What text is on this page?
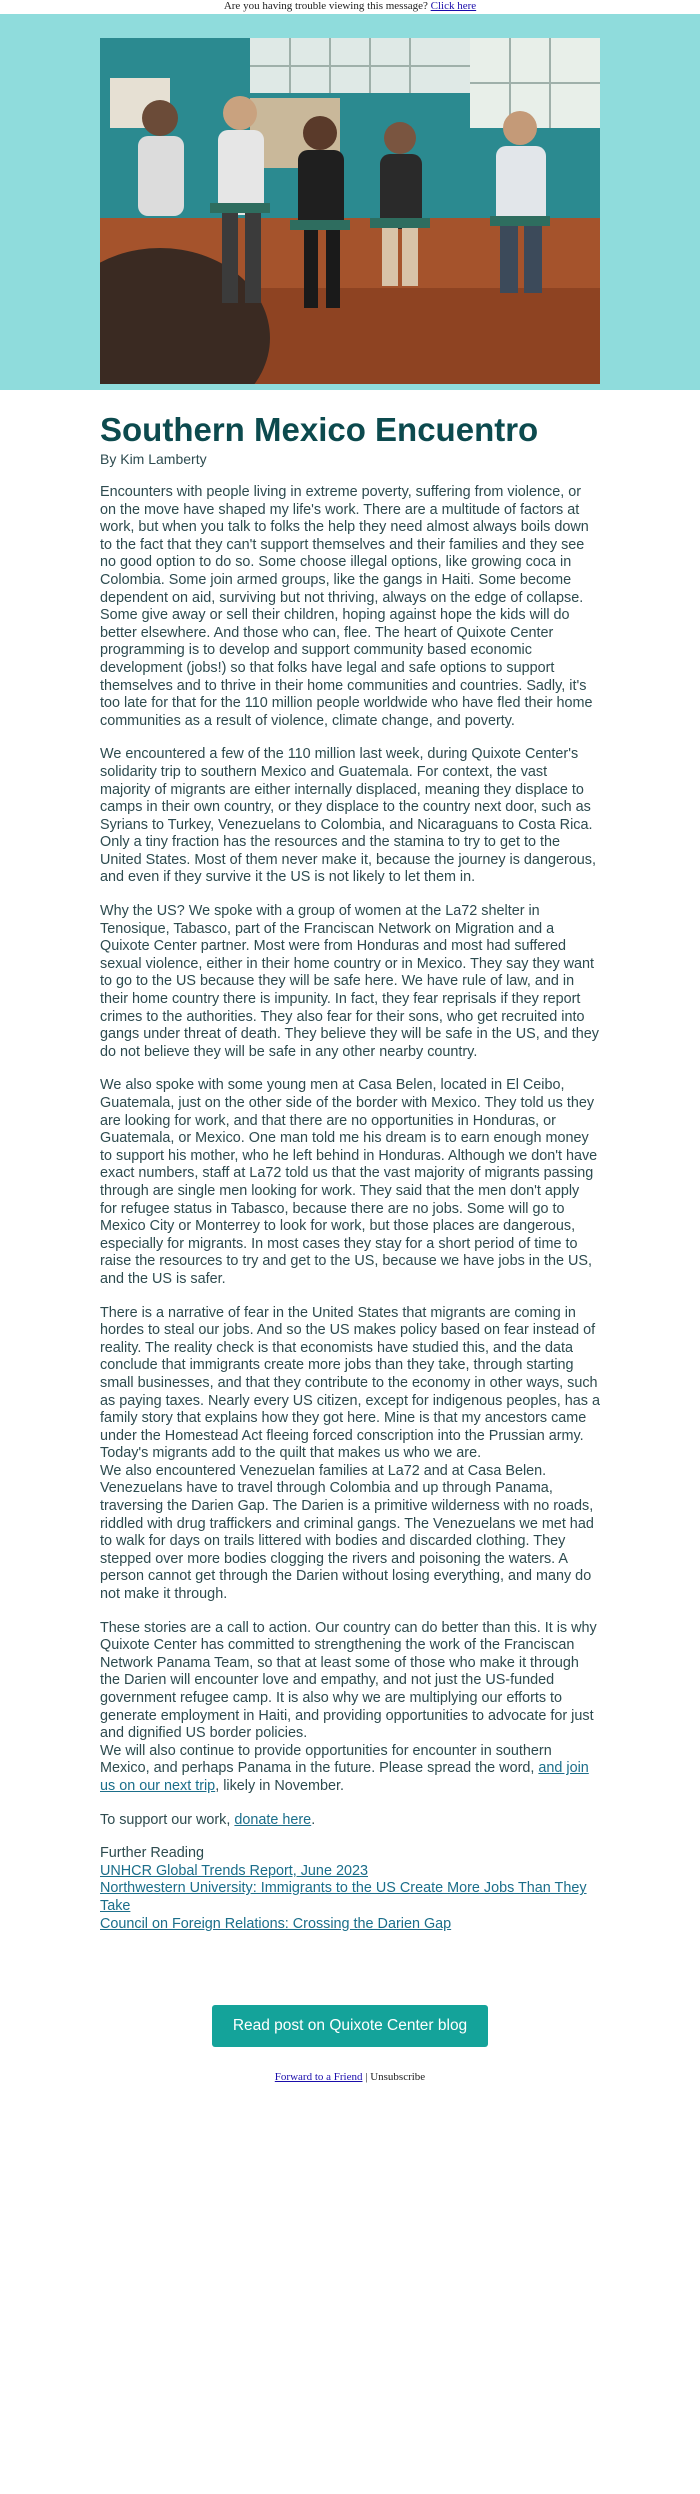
Are you having trouble viewing this message? Click here
Southern Mexico Encuentro
By Kim Lamberty

Encounters with people living in extreme poverty, suffering from violence, or on the move have shaped my life's work. There are a multitude of factors at work, but when you talk to folks the help they need almost always boils down to the fact that they can't support themselves and their families and they see no good option to do so. Some choose illegal options, like growing coca in Colombia. Some join armed groups, like the gangs in Haiti. Some become dependent on aid, surviving but not thriving, always on the edge of collapse. Some give away or sell their children, hoping against hope the kids will do better elsewhere. And those who can, flee. The heart of Quixote Center programming is to develop and support community based economic development (jobs!) so that folks have legal and safe options to support themselves and to thrive in their home communities and countries. Sadly, it's too late for that for the 110 million people worldwide who have fled their home communities as a result of violence, climate change, and poverty.

We encountered a few of the 110 million last week, during Quixote Center's solidarity trip to southern Mexico and Guatemala. For context, the vast majority of migrants are either internally displaced, meaning they displace to camps in their own country, or they displace to the country next door, such as Syrians to Turkey, Venezuelans to Colombia, and Nicaraguans to Costa Rica. Only a tiny fraction has the resources and the stamina to try to get to the United States. Most of them never make it, because the journey is dangerous, and even if they survive it the US is not likely to let them in.

Why the US? We spoke with a group of women at the La72 shelter in Tenosique, Tabasco, part of the Franciscan Network on Migration and a Quixote Center partner. Most were from Honduras and most had suffered sexual violence, either in their home country or in Mexico. They say they want to go to the US because they will be safe here. We have rule of law, and in their home country there is impunity. In fact, they fear reprisals if they report crimes to the authorities. They also fear for their sons, who get recruited into gangs under threat of death. They believe they will be safe in the US, and they do not believe they will be safe in any other nearby country.

We also spoke with some young men at Casa Belen, located in El Ceibo, Guatemala, just on the other side of the border with Mexico. They told us they are looking for work, and that there are no opportunities in Honduras, or Guatemala, or Mexico. One man told me his dream is to earn enough money to support his mother, who he left behind in Honduras. Although we don't have exact numbers, staff at La72 told us that the vast majority of migrants passing through are single men looking for work. They said that the men don't apply for refugee status in Tabasco, because there are no jobs. Some will go to Mexico City or Monterrey to look for work, but those places are dangerous, especially for migrants. In most cases they stay for a short period of time to raise the resources to try and get to the US, because we have jobs in the US, and the US is safer.

There is a narrative of fear in the United States that migrants are coming in hordes to steal our jobs. And so the US makes policy based on fear instead of reality. The reality check is that economists have studied this, and the data conclude that immigrants create more jobs than they take, through starting small businesses, and that they contribute to the economy in other ways, such as paying taxes. Nearly every US citizen, except for indigenous peoples, has a family story that explains how they got here. Mine is that my ancestors came under the Homestead Act fleeing forced conscription into the Prussian army. Today's migrants add to the quilt that makes us who we are.

We also encountered Venezuelan families at La72 and at Casa Belen. Venezuelans have to travel through Colombia and up through Panama, traversing the Darien Gap. The Darien is a primitive wilderness with no roads, riddled with drug traffickers and criminal gangs. The Venezuelans we met had to walk for days on trails littered with bodies and discarded clothing. They stepped over more bodies clogging the rivers and poisoning the waters. A person cannot get through the Darien without losing everything, and many do not make it through.

These stories are a call to action. Our country can do better than this. It is why Quixote Center has committed to strengthening the work of the Franciscan Network Panama Team, so that at least some of those who make it through the Darien will encounter love and empathy, and not just the US-funded government refugee camp. It is also why we are multiplying our efforts to generate employment in Haiti, and providing opportunities to advocate for just and dignified US border policies.

We will also continue to provide opportunities for encounter in southern Mexico, and perhaps Panama in the future. Please spread the word, and join us on our next trip, likely in November.

To support our work, donate here.

Further Reading
UNHCR Global Trends Report, June 2023
Northwestern University: Immigrants to the US Create More Jobs Than They Take
Council on Foreign Relations: Crossing the Darien Gap
Read post on Quixote Center blog
Forward to a Friend | Unsubscribe
